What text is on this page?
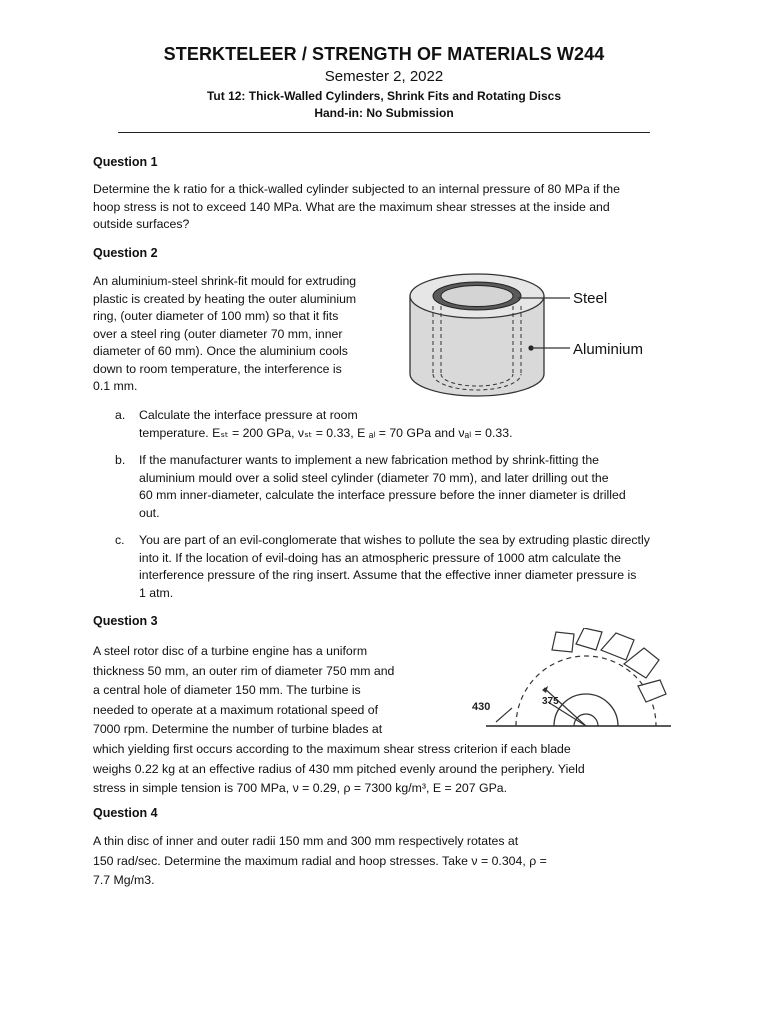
STERKTELEER / STRENGTH OF MATERIALS W244
Semester 2, 2022
Tut 12: Thick-Walled Cylinders, Shrink Fits and Rotating Discs
Hand-in: No Submission
Question 1
Determine the k ratio for a thick-walled cylinder subjected to an internal pressure of 80 MPa if the
hoop stress is not to exceed 140 MPa. What are the maximum shear stresses at the inside and
outside surfaces?
Question 2
An aluminium-steel shrink-fit mould for extruding
plastic is created by heating the outer aluminium
ring, (outer diameter of 100 mm) so that it fits
over a steel ring (outer diameter 70 mm, inner
diameter of 60 mm). Once the aluminium cools
down to room temperature, the interference is
0.1 mm.
Steel
Aluminium
a. Calculate the interface pressure at room
temperature. Eₛₜ = 200 GPa, νₛₜ = 0.33, E ₐₗ = 70 GPa and νₐₗ = 0.33.
b. If the manufacturer wants to implement a new fabrication method by shrink-fitting the
aluminium mould over a solid steel cylinder (diameter 70 mm), and later drilling out the
60 mm inner-diameter, calculate the interface pressure before the inner diameter is drilled
out.
c. You are part of an evil-conglomerate that wishes to pollute the sea by extruding plastic directly
into it. If the location of evil-doing has an atmospheric pressure of 1000 atm calculate the
interference pressure of the ring insert. Assume that the effective inner diameter pressure is
1 atm.
Question 3
A steel rotor disc of a turbine engine has a uniform
thickness 50 mm, an outer rim of diameter 750 mm and
a central hole of diameter 150 mm. The turbine is
needed to operate at a maximum rotational speed of
7000 rpm. Determine the number of turbine blades at
which yielding first occurs according to the maximum shear stress criterion if each blade
weighs 0.22 kg at an effective radius of 430 mm pitched evenly around the periphery. Yield
stress in simple tension is 700 MPa, ν = 0.29, ρ = 7300 kg/m³, E = 207 GPa.
430	375
Question 4
A thin disc of inner and outer radii 150 mm and 300 mm respectively rotates at
150 rad/sec. Determine the maximum radial and hoop stresses. Take ν = 0.304, ρ =
7.7 Mg/m3.
